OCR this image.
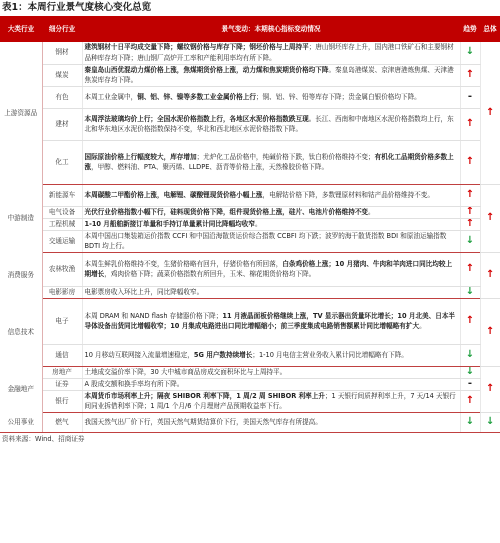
表1：本周行业景气度核心变化总览
大类行业	细分行业	景气变动：本期核心指标变动情况	趋势	总体
上游资源品	钢材	建筑钢材十日平均成交量下降；螺纹钢价格与库存下降；钢坯价格与上周持平；唐山钢坯库存上升，国内港口铁矿石和主要钢材品种库存均下降；唐山钢厂高炉开工率和产能利用率均有所下降。	↓	↑
	煤炭	秦皇岛山西优混动力煤价格上涨，焦煤期货价格上涨，动力煤和焦炭期货价格均下降。秦皇岛港煤炭、京津唐港炼焦煤、天津港焦炭库存均下降。	↑	
	有色	本周工业金属中，铜、铝、锌、镍等多数工业金属价格上行；铜、铝、锌、铅等库存下降；贵金属白银价格均下降。	-	
	建材	本周浮法玻璃均价上行；全国水泥价格指数上行，各地区水泥价格指数跌互现。长江、西南和中南地区水泥价格指数均上行，东北和华东地区水泥价格指数保持不变，华北和西北地区水泥价格指数下降。	↑	
	化工	国际原油价格上行幅度较大，库存增加；尤炉化工品价格中，纯碱价格下跌，钛白粉价格维持不变；有机化工品期货价格多数上涨，甲醇、燃料油、PTA、聚丙烯、LLDPE、沥青等价格上涨，天然橡胶价格下降。	↑	
中游制造	新能源车	本周碳酸二甲酯价格上涨，电解锂、碳酸锂现货价格小幅上涨，电解钴价格下降，多数锂原材料和钴产品价格维持不变。	↑	↑
	电气设备	光伏行业价格指数小幅下行，硅料现货价格下降，组件现货价格上涨，硅片、电池片价格维持不变。	↑	
	工程机械	1-10 月船舶新接订单量和手持订单量累计同比降幅均收窄。	↑	
	交通运输	本周中国出口集装箱运价指数 CCFI 和中国沿海散货运价综合指数 CCBFI 均下跌；波罗的海干散货指数 BDI 和原油运输指数 BDTI 均上行。	↓	
消费服务	农林牧渔	本周生鲜乳价格维持不变，生猪价格略有回升，仔猪价格有所回落，白条鸡价格上涨；10 月猪肉、牛肉和羊肉进口同比均较上期增长，鸡肉价格下降；蔬菜价格指数有所回升，玉米、棉花期货价格均下降。	↑	↑
	电影影房	电影票房收入环比上升，同比降幅收窄。	↓	
信息技术	电子	本周 DRAM 和 NAND flash 存储器价格下降；11 月液晶面板价格继续上涨，TV 显示器出货量环比增长；10 月北美、日本半导体设备出货同比增幅收窄；10 月集成电路进出口同比增幅缩小；前三季度集成电路销售额累计同比增幅略有扩大。	↑	↑
	通信	10 月移动互联网接入流量增速稳定，5G 用户数持续增长；1-10 月电信主营业务收入累计同比增幅略有下降。	↓	
金融地产	房地产	土地成交溢价率下降，30 大中城市商品房成交面积环比与上周持平。	↓	↑
	证券	A 股成交额和换手率均有所下降。	-	
	银行	本周货币市场利率上升；隔夜 SHIBOR 利率下降，1 周/2 周 SHIBOR 利率上升；1 天银行间质押利率上升，7 天/14 天银行间同业拆借利率下降；1 周/1 个月/6 个月理财产品预期收益率下行。	↑	
公用事业	燃气	我国天然气出厂价下行，英国天然气期货结算价下行，美国天然气库存有所提高。	↓	↓
资料来源：Wind、招商证券
